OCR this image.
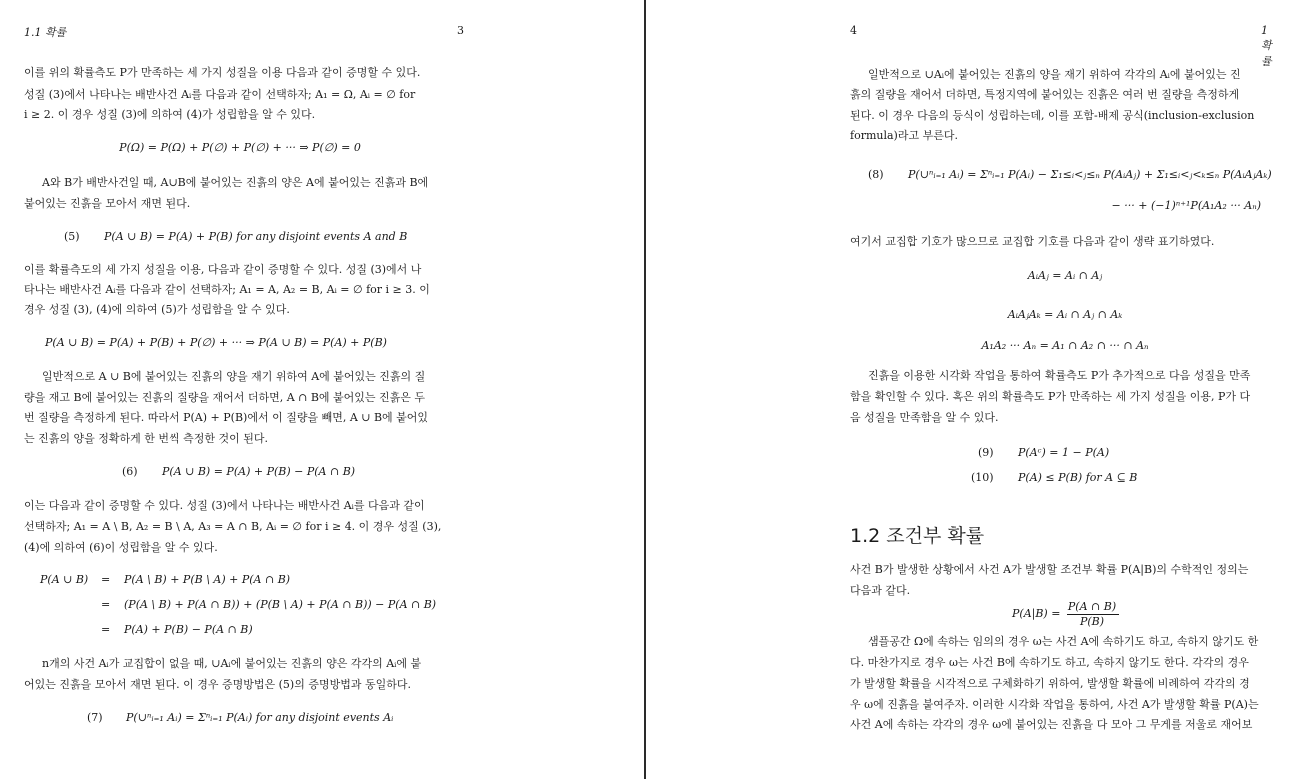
1.1 확률	3
이를 위의 확률측도 P가 만족하는 세 가지 성질을 이용 다음과 같이 증명할 수 있다.
성질 (3)에서 나타나는 배반사건 Aᵢ를 다음과 같이 선택하자; A₁ = Ω, Aᵢ = ∅ for
i ≥ 2. 이 경우 성질 (3)에 의하여 (4)가 성립함을 알 수 있다.
P(Ω) = P(Ω) + P(∅) + P(∅) + ··· ⇒ P(∅) = 0
A와 B가 배반사건일 때, A∪B에 붙어있는 진흙의 양은 A에 붙어있는 진흙과 B에
붙어있는 진흙을 모아서 재면 된다.
(5) P(A ∪ B) = P(A) + P(B) for any disjoint events A and B
이를 확률측도의 세 가지 성질을 이용, 다음과 같이 증명할 수 있다. 성질 (3)에서 나
타나는 배반사건 Aᵢ를 다음과 같이 선택하자; A₁ = A, A₂ = B, Aᵢ = ∅ for i ≥ 3. 이
경우 성질 (3), (4)에 의하여 (5)가 성립함을 알 수 있다.
P(A ∪ B) = P(A) + P(B) + P(∅) + ··· ⇒ P(A ∪ B) = P(A) + P(B)
일반적으로 A ∪ B에 붙어있는 진흙의 양을 재기 위하여 A에 붙어있는 진흙의 질
량을 재고 B에 붙어있는 진흙의 질량을 재어서 더하면, A ∩ B에 붙어있는 진흙은 두
번 질량을 측정하게 된다. 따라서 P(A) + P(B)에서 이 질량을 빼면, A ∪ B에 붙어있
는 진흙의 양을 정확하게 한 번씩 측정한 것이 된다.
(6) P(A ∪ B) = P(A) + P(B) − P(A ∩ B)
이는 다음과 같이 증명할 수 있다. 성질 (3)에서 나타나는 배반사건 Aᵢ를 다음과 같이
선택하자; A₁ = A \ B, A₂ = B \ A, A₃ = A ∩ B, Aᵢ = ∅ for i ≥ 4. 이 경우 성질 (3),
(4)에 의하여 (6)이 성립함을 알 수 있다.
P(A ∪ B) = P(A \ B) + P(B \ A) + P(A ∩ B)
= (P(A \ B) + P(A ∩ B)) + (P(B \ A) + P(A ∩ B)) − P(A ∩ B)
= P(A) + P(B) − P(A ∩ B)
n개의 사건 Aᵢ가 교집합이 없을 때, ∪Aᵢ에 붙어있는 진흙의 양은 각각의 Aᵢ에 붙
어있는 진흙을 모아서 재면 된다. 이 경우 증명방법은 (5)의 증명방법과 동일하다.
(7) P(∪ⁿᵢ₌₁ Aᵢ) = Σⁿᵢ₌₁ P(Aᵢ) for any disjoint events Aᵢ
4	1 확률
일반적으로 ∪Aᵢ에 붙어있는 진흙의 양을 재기 위하여 각각의 Aᵢ에 붙어있는 진
흙의 질량을 재어서 더하면, 특정지역에 붙어있는 진흙은 여러 번 질량을 측정하게
된다. 이 경우 다음의 등식이 성립하는데, 이를 포함-배제 공식(inclusion-exclusion
formula)라고 부른다.
(8) P(∪ⁿᵢ₌₁ Aᵢ) = Σⁿᵢ₌₁ P(Aᵢ) − Σ₁≤ᵢ<ⱼ≤ₙ P(AᵢAⱼ) + Σ₁≤ᵢ<ⱼ<ₖ≤ₙ P(AᵢAⱼAₖ)
− ··· + (−1)ⁿ⁺¹P(A₁A₂ ··· Aₙ)
여기서 교집합 기호가 많으므로 교집합 기호를 다음과 같이 생략 표기하였다.
AᵢAⱼ = Aᵢ ∩ Aⱼ
AᵢAⱼAₖ = Aᵢ ∩ Aⱼ ∩ Aₖ
A₁A₂ ··· Aₙ = A₁ ∩ A₂ ∩ ··· ∩ Aₙ
진흙을 이용한 시각화 작업을 통하여 확률측도 P가 추가적으로 다음 성질을 만족
함을 확인할 수 있다. 혹은 위의 확률측도 P가 만족하는 세 가지 성질을 이용, P가 다
음 성질을 만족함을 알 수 있다.
(9) P(Aᶜ) = 1 − P(A)
(10) P(A) ≤ P(B) for A ⊆ B
1.2 조건부 확률
사건 B가 발생한 상황에서 사건 A가 발생할 조건부 확률 P(A|B)의 수학적인 정의는
다음과 같다.
P(A|B) =
P(A ∩ B)
P(B)
샘플공간 Ω에 속하는 임의의 경우 ω는 사건 A에 속하기도 하고, 속하지 않기도 한
다. 마찬가지로 경우 ω는 사건 B에 속하기도 하고, 속하지 않기도 한다. 각각의 경우
가 발생할 확률을 시각적으로 구체화하기 위하여, 발생할 확률에 비례하여 각각의 경
우 ω에 진흙을 붙여주자. 이러한 시각화 작업을 통하여, 사건 A가 발생할 확률 P(A)는
사건 A에 속하는 각각의 경우 ω에 붙어있는 진흙을 다 모아 그 무게를 저울로 재어보
